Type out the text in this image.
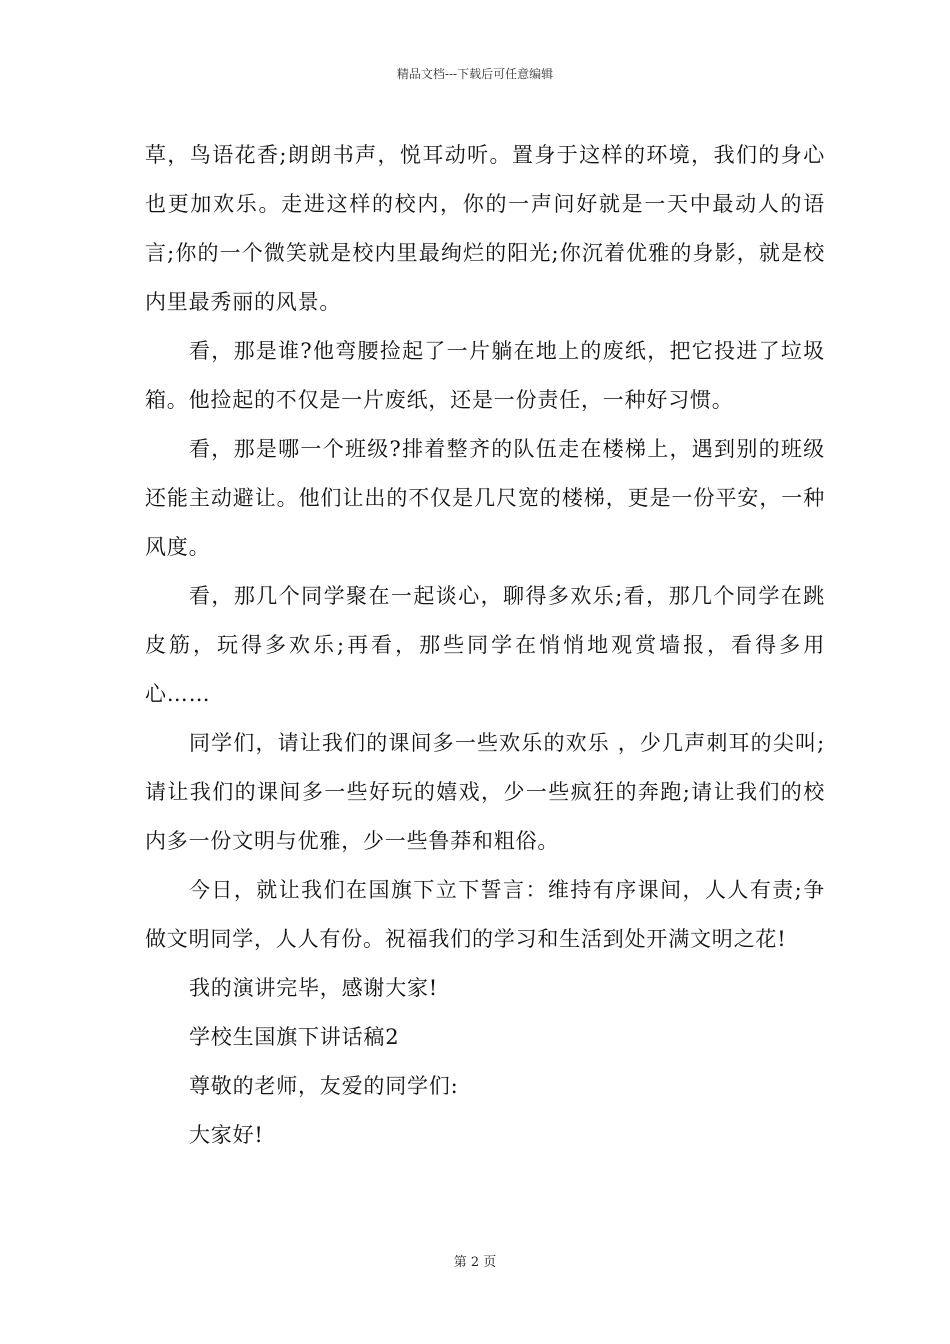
精品文档---下载后可任意编辑

草，鸟语花香;朗朗书声，悦耳动听。置身于这样的环境，我们的身心也更加欢乐。走进这样的校内，你的一声问好就是一天中最动人的语言;你的一个微笑就是校内里最绚烂的阳光;你沉着优雅的身影，就是校内里最秀丽的风景。

看，那是谁?他弯腰捡起了一片躺在地上的废纸，把它投进了垃圾箱。他捡起的不仅是一片废纸，还是一份责任，一种好习惯。

看，那是哪一个班级?排着整齐的队伍走在楼梯上，遇到别的班级还能主动避让。他们让出的不仅是几尺宽的楼梯，更是一份平安，一种风度。

看，那几个同学聚在一起谈心，聊得多欢乐;看，那几个同学在跳皮筋，玩得多欢乐;再看，那些同学在悄悄地观赏墙报，看得多用心……

同学们，请让我们的课间多一些欢乐的欢乐 ，少几声刺耳的尖叫;请让我们的课间多一些好玩的嬉戏，少一些疯狂的奔跑;请让我们的校内多一份文明与优雅，少一些鲁莽和粗俗。

今日，就让我们在国旗下立下誓言：维持有序课间，人人有责;争做文明同学，人人有份。祝福我们的学习和生活到处开满文明之花!

我的演讲完毕，感谢大家!

学校生国旗下讲话稿2

尊敬的老师，友爱的同学们:

大家好!

第 2 页
